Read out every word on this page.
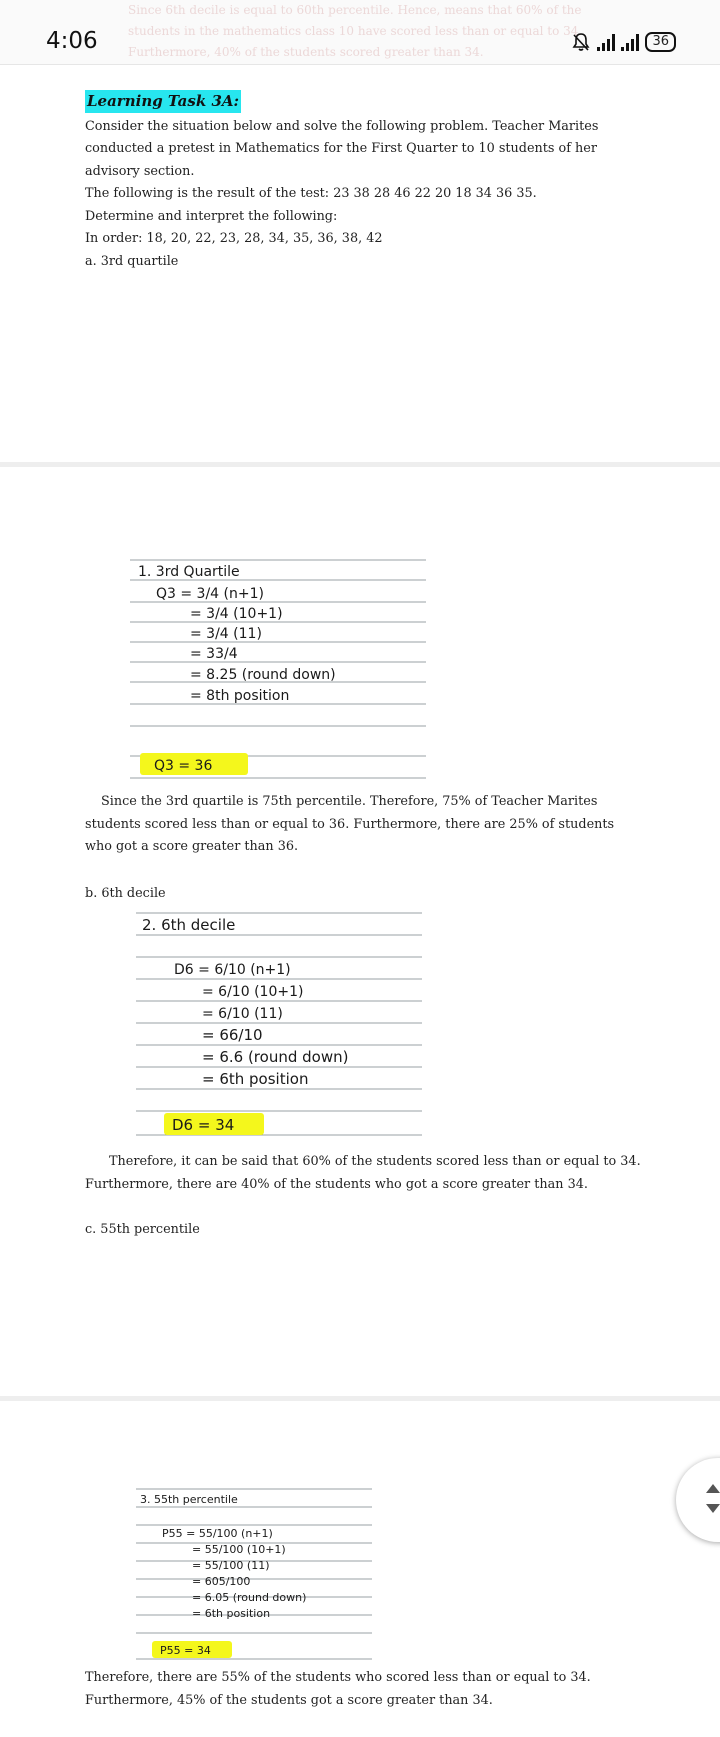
Since 6th decile is equal to 60th percentile. Hence, means that 60% of the
students in the mathematics class 10 have scored less than or equal to 34.
Furthermore, 40% of the students scored greater than 34.
4:06	36

Learning Task 3A:

Consider the situation below and solve the following problem. Teacher Marites conducted a pretest in Mathematics for the First Quarter to 10 students of her advisory section.

The following is the result of the test: 23 38 28 46 22 20 18 34 36 35.

Determine and interpret the following:

In order: 18, 20, 22, 23, 28, 34, 35, 36, 38, 42

a. 3rd quartile

1. 3rd Quartile
Q3 = 3/4 (n+1)
= 3/4 (10+1)
= 3/4 (11)
= 33/4
= 8.25 (round down)
= 8th position
Q3 = 36

Since the 3rd quartile is 75th percentile. Therefore, 75% of Teacher Marites students scored less than or equal to 36. Furthermore, there are 25% of students who got a score greater than 36.

b. 6th decile

2. 6th decile
D6 = 6/10 (n+1)
= 6/10 (10+1)
= 6/10 (11)
= 66/10
= 6.6 (round down)
= 6th position
D6 = 34

Therefore, it can be said that 60% of the students scored less than or equal to 34. Furthermore, there are 40% of the students who got a score greater than 34.

c. 55th percentile

3. 55th percentile
P55 = 55/100 (n+1)
= 55/100 (10+1)
= 55/100 (11)
= 605/100
= 6.05 (round down)
= 6th position
P55 = 34

Therefore, there are 55% of the students who scored less than or equal to 34. Furthermore, 45% of the students got a score greater than 34.
